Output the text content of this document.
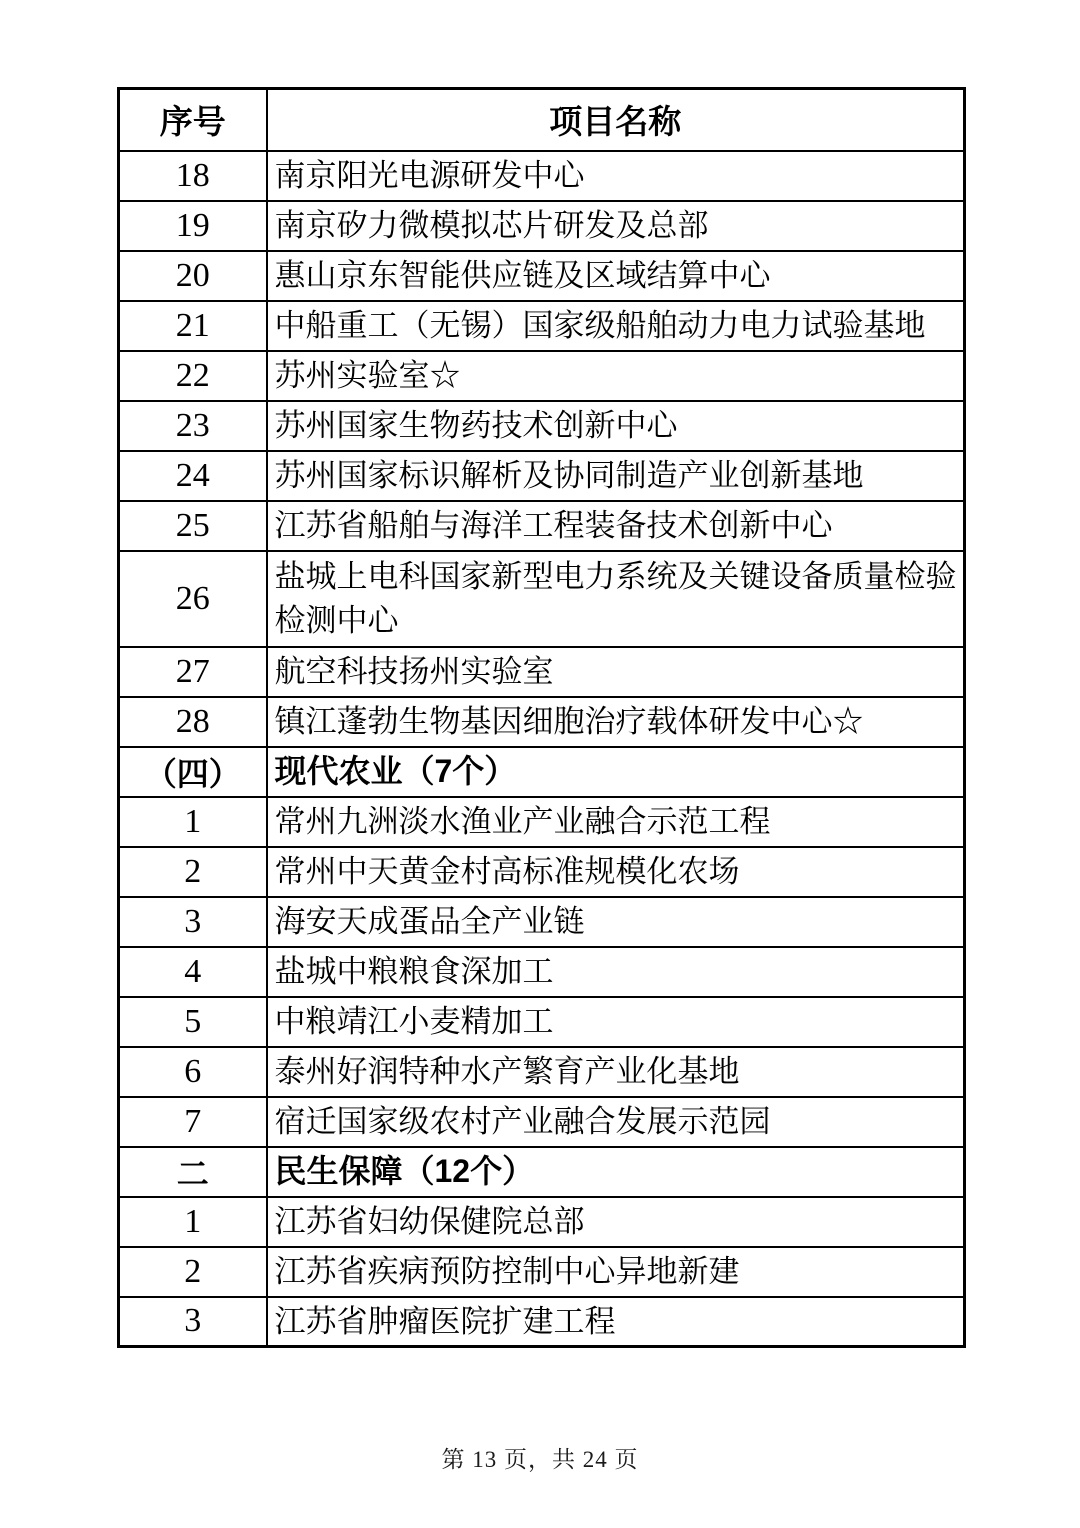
序号	项目名称
18	南京阳光电源研发中心
19	南京矽力微模拟芯片研发及总部
20	惠山京东智能供应链及区域结算中心
21	中船重工（无锡）国家级船舶动力电力试验基地
22	苏州实验室☆
23	苏州国家生物药技术创新中心
24	苏州国家标识解析及协同制造产业创新基地
25	江苏省船舶与海洋工程装备技术创新中心
26	盐城上电科国家新型电力系统及关键设备质量检验检测中心
27	航空科技扬州实验室
28	镇江蓬勃生物基因细胞治疗载体研发中心☆
（四）	现代农业（7个）
1	常州九洲淡水渔业产业融合示范工程
2	常州中天黄金村高标准规模化农场
3	海安天成蛋品全产业链
4	盐城中粮粮食深加工
5	中粮靖江小麦精加工
6	泰州好润特种水产繁育产业化基地
7	宿迁国家级农村产业融合发展示范园
二	民生保障（12个）
1	江苏省妇幼保健院总部
2	江苏省疾病预防控制中心异地新建
3	江苏省肿瘤医院扩建工程
第 13 页，共 24 页
